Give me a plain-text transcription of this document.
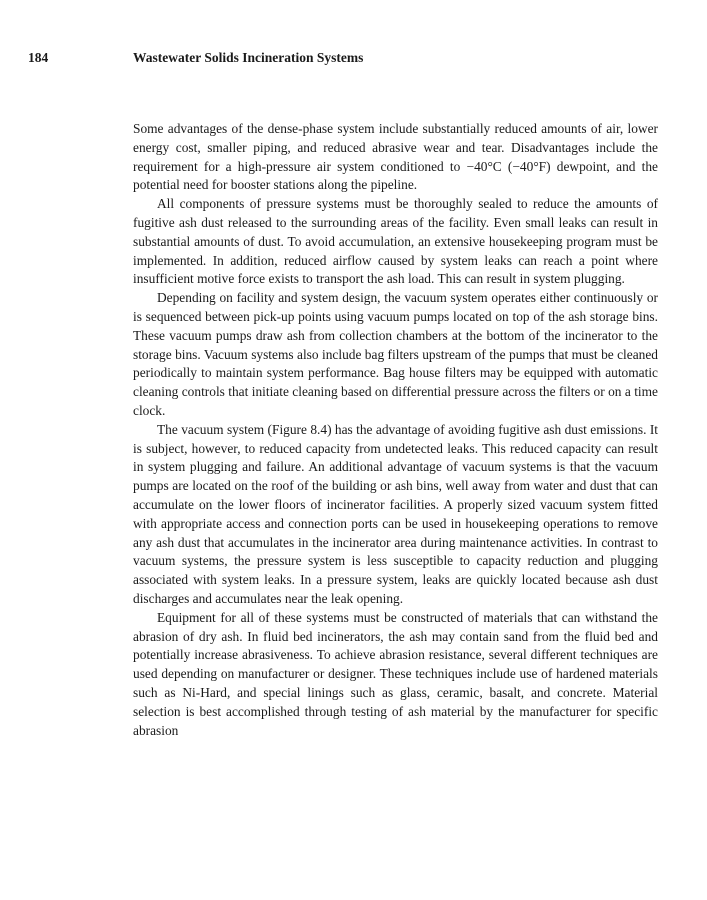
184	Wastewater Solids Incineration Systems

Some advantages of the dense-phase system include substantially reduced amounts of air, lower energy cost, smaller piping, and reduced abrasive wear and tear. Disadvantages include the requirement for a high-pressure air system conditioned to −40°C (−40°F) dewpoint, and the potential need for booster stations along the pipeline.

All components of pressure systems must be thoroughly sealed to reduce the amounts of fugitive ash dust released to the surrounding areas of the facility. Even small leaks can result in substantial amounts of dust. To avoid accumulation, an extensive housekeeping program must be implemented. In addition, reduced airflow caused by system leaks can reach a point where insufficient motive force exists to transport the ash load. This can result in system plugging.

Depending on facility and system design, the vacuum system operates either continuously or is sequenced between pick-up points using vacuum pumps located on top of the ash storage bins. These vacuum pumps draw ash from collection chambers at the bottom of the incinerator to the storage bins. Vacuum systems also include bag filters upstream of the pumps that must be cleaned periodically to maintain system performance. Bag house filters may be equipped with automatic cleaning controls that initiate cleaning based on differential pressure across the filters or on a time clock.

The vacuum system (Figure 8.4) has the advantage of avoiding fugitive ash dust emissions. It is subject, however, to reduced capacity from undetected leaks. This reduced capacity can result in system plugging and failure. An additional advantage of vacuum systems is that the vacuum pumps are located on the roof of the building or ash bins, well away from water and dust that can accumulate on the lower floors of incinerator facilities. A properly sized vacuum system fitted with appropriate access and connection ports can be used in housekeeping operations to remove any ash dust that accumulates in the incinerator area during maintenance activities. In contrast to vacuum systems, the pressure system is less susceptible to capacity reduction and plugging associated with system leaks. In a pressure system, leaks are quickly located because ash dust discharges and accumulates near the leak opening.

Equipment for all of these systems must be constructed of materials that can withstand the abrasion of dry ash. In fluid bed incinerators, the ash may contain sand from the fluid bed and potentially increase abrasiveness. To achieve abrasion resistance, several different techniques are used depending on manufacturer or designer. These techniques include use of hardened materials such as Ni-Hard, and special linings such as glass, ceramic, basalt, and concrete. Material selection is best accomplished through testing of ash material by the manufacturer for specific abrasion
